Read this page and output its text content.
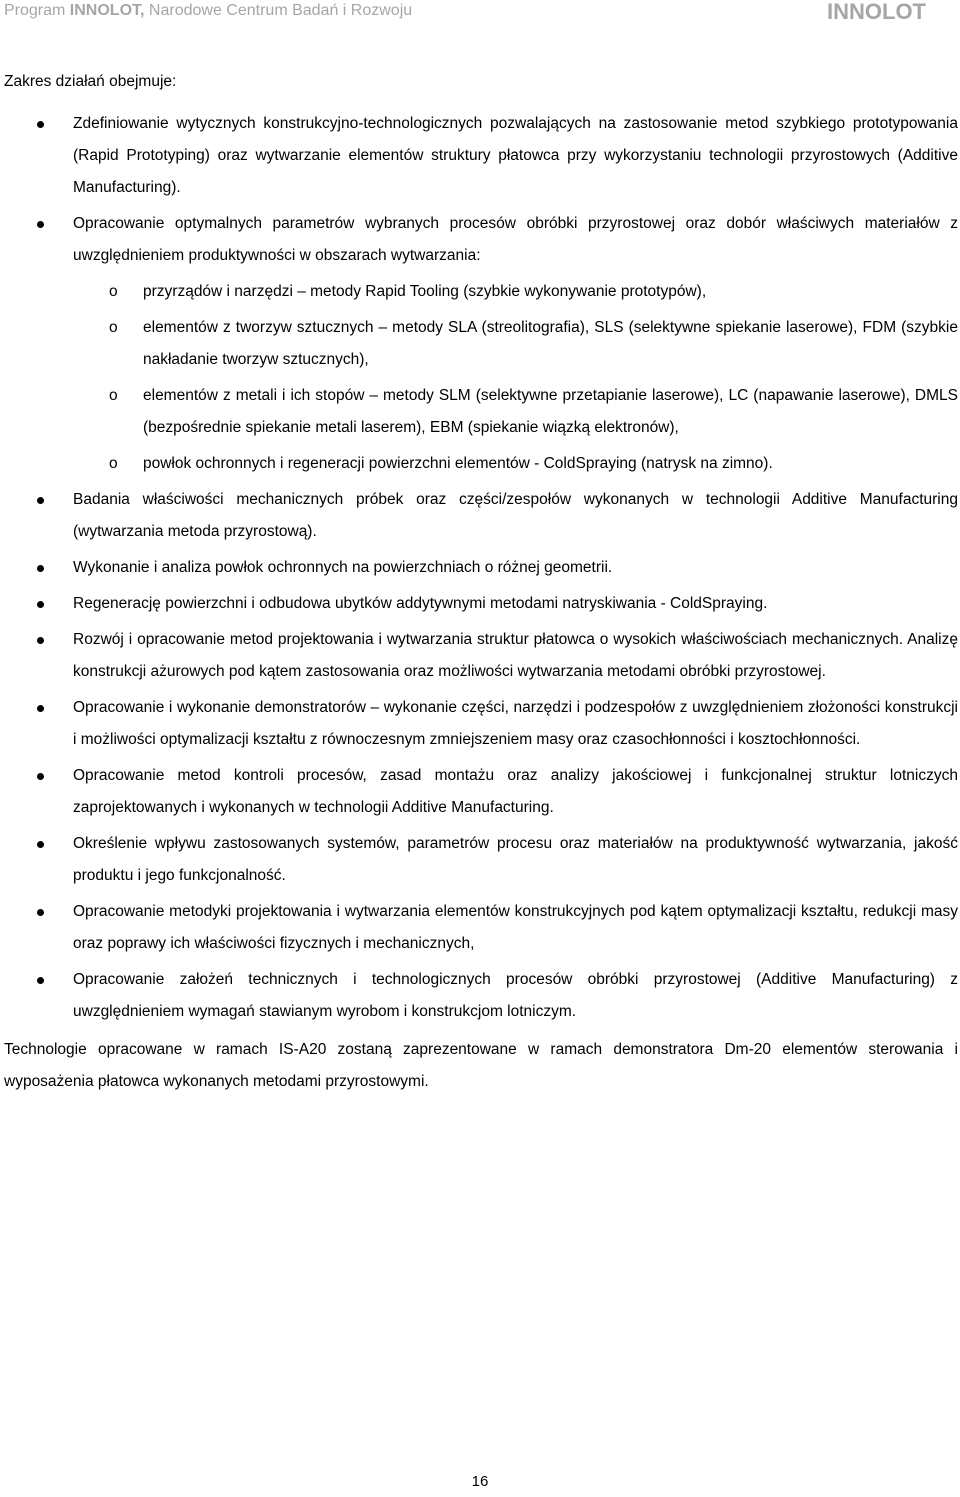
Program INNOLOT, Narodowe Centrum Badań i Rozwoju	INNOLOT

Zakres działań obejmuje:

Zdefiniowanie wytycznych konstrukcyjno-technologicznych pozwalających na zastosowanie metod szybkiego prototypowania (Rapid Prototyping) oraz wytwarzanie elementów struktury płatowca przy wykorzystaniu technologii przyrostowych (Additive Manufacturing).
Opracowanie optymalnych parametrów wybranych procesów obróbki przyrostowej oraz dobór właściwych materiałów z uwzględnieniem produktywności w obszarach wytwarzania:
o przyrządów i narzędzi – metody Rapid Tooling (szybkie wykonywanie prototypów),
o elementów z tworzyw sztucznych – metody SLA (streolitografia), SLS (selektywne spiekanie laserowe), FDM (szybkie nakładanie tworzyw sztucznych),
o elementów z metali i ich stopów – metody SLM (selektywne przetapianie laserowe), LC (napawanie laserowe), DMLS (bezpośrednie spiekanie metali laserem), EBM (spiekanie wiązką elektronów),
o powłok ochronnych i regeneracji powierzchni elementów - ColdSpraying (natrysk na zimno).
Badania właściwości mechanicznych próbek oraz części/zespołów wykonanych w technologii Additive Manufacturing (wytwarzania metoda przyrostową).
Wykonanie i analiza powłok ochronnych na powierzchniach o różnej geometrii.
Regenerację powierzchni i odbudowa ubytków addytywnymi metodami natryskiwania - ColdSpraying.
Rozwój i opracowanie metod projektowania i wytwarzania struktur płatowca o wysokich właściwościach mechanicznych. Analizę konstrukcji ażurowych pod kątem zastosowania oraz możliwości wytwarzania metodami obróbki przyrostowej.
Opracowanie i wykonanie demonstratorów – wykonanie części, narzędzi i podzespołów z uwzględnieniem złożoności konstrukcji i możliwości optymalizacji kształtu z równoczesnym zmniejszeniem masy oraz czasochłonności i kosztochłonności.
Opracowanie metod kontroli procesów, zasad montażu oraz analizy jakościowej i funkcjonalnej struktur lotniczych zaprojektowanych i wykonanych w technologii Additive Manufacturing.
Określenie wpływu zastosowanych systemów, parametrów procesu oraz materiałów na produktywność wytwarzania, jakość produktu i jego funkcjonalność.
Opracowanie metodyki projektowania i wytwarzania elementów konstrukcyjnych pod kątem optymalizacji kształtu, redukcji masy oraz poprawy ich właściwości fizycznych i mechanicznych,
Opracowanie założeń technicznych i technologicznych procesów obróbki przyrostowej (Additive Manufacturing) z uwzględnieniem wymagań stawianym wyrobom i konstrukcjom lotniczym.

Technologie opracowane w ramach IS-A20 zostaną zaprezentowane w ramach demonstratora Dm-20 elementów sterowania i wyposażenia płatowca wykonanych metodami przyrostowymi.

16
